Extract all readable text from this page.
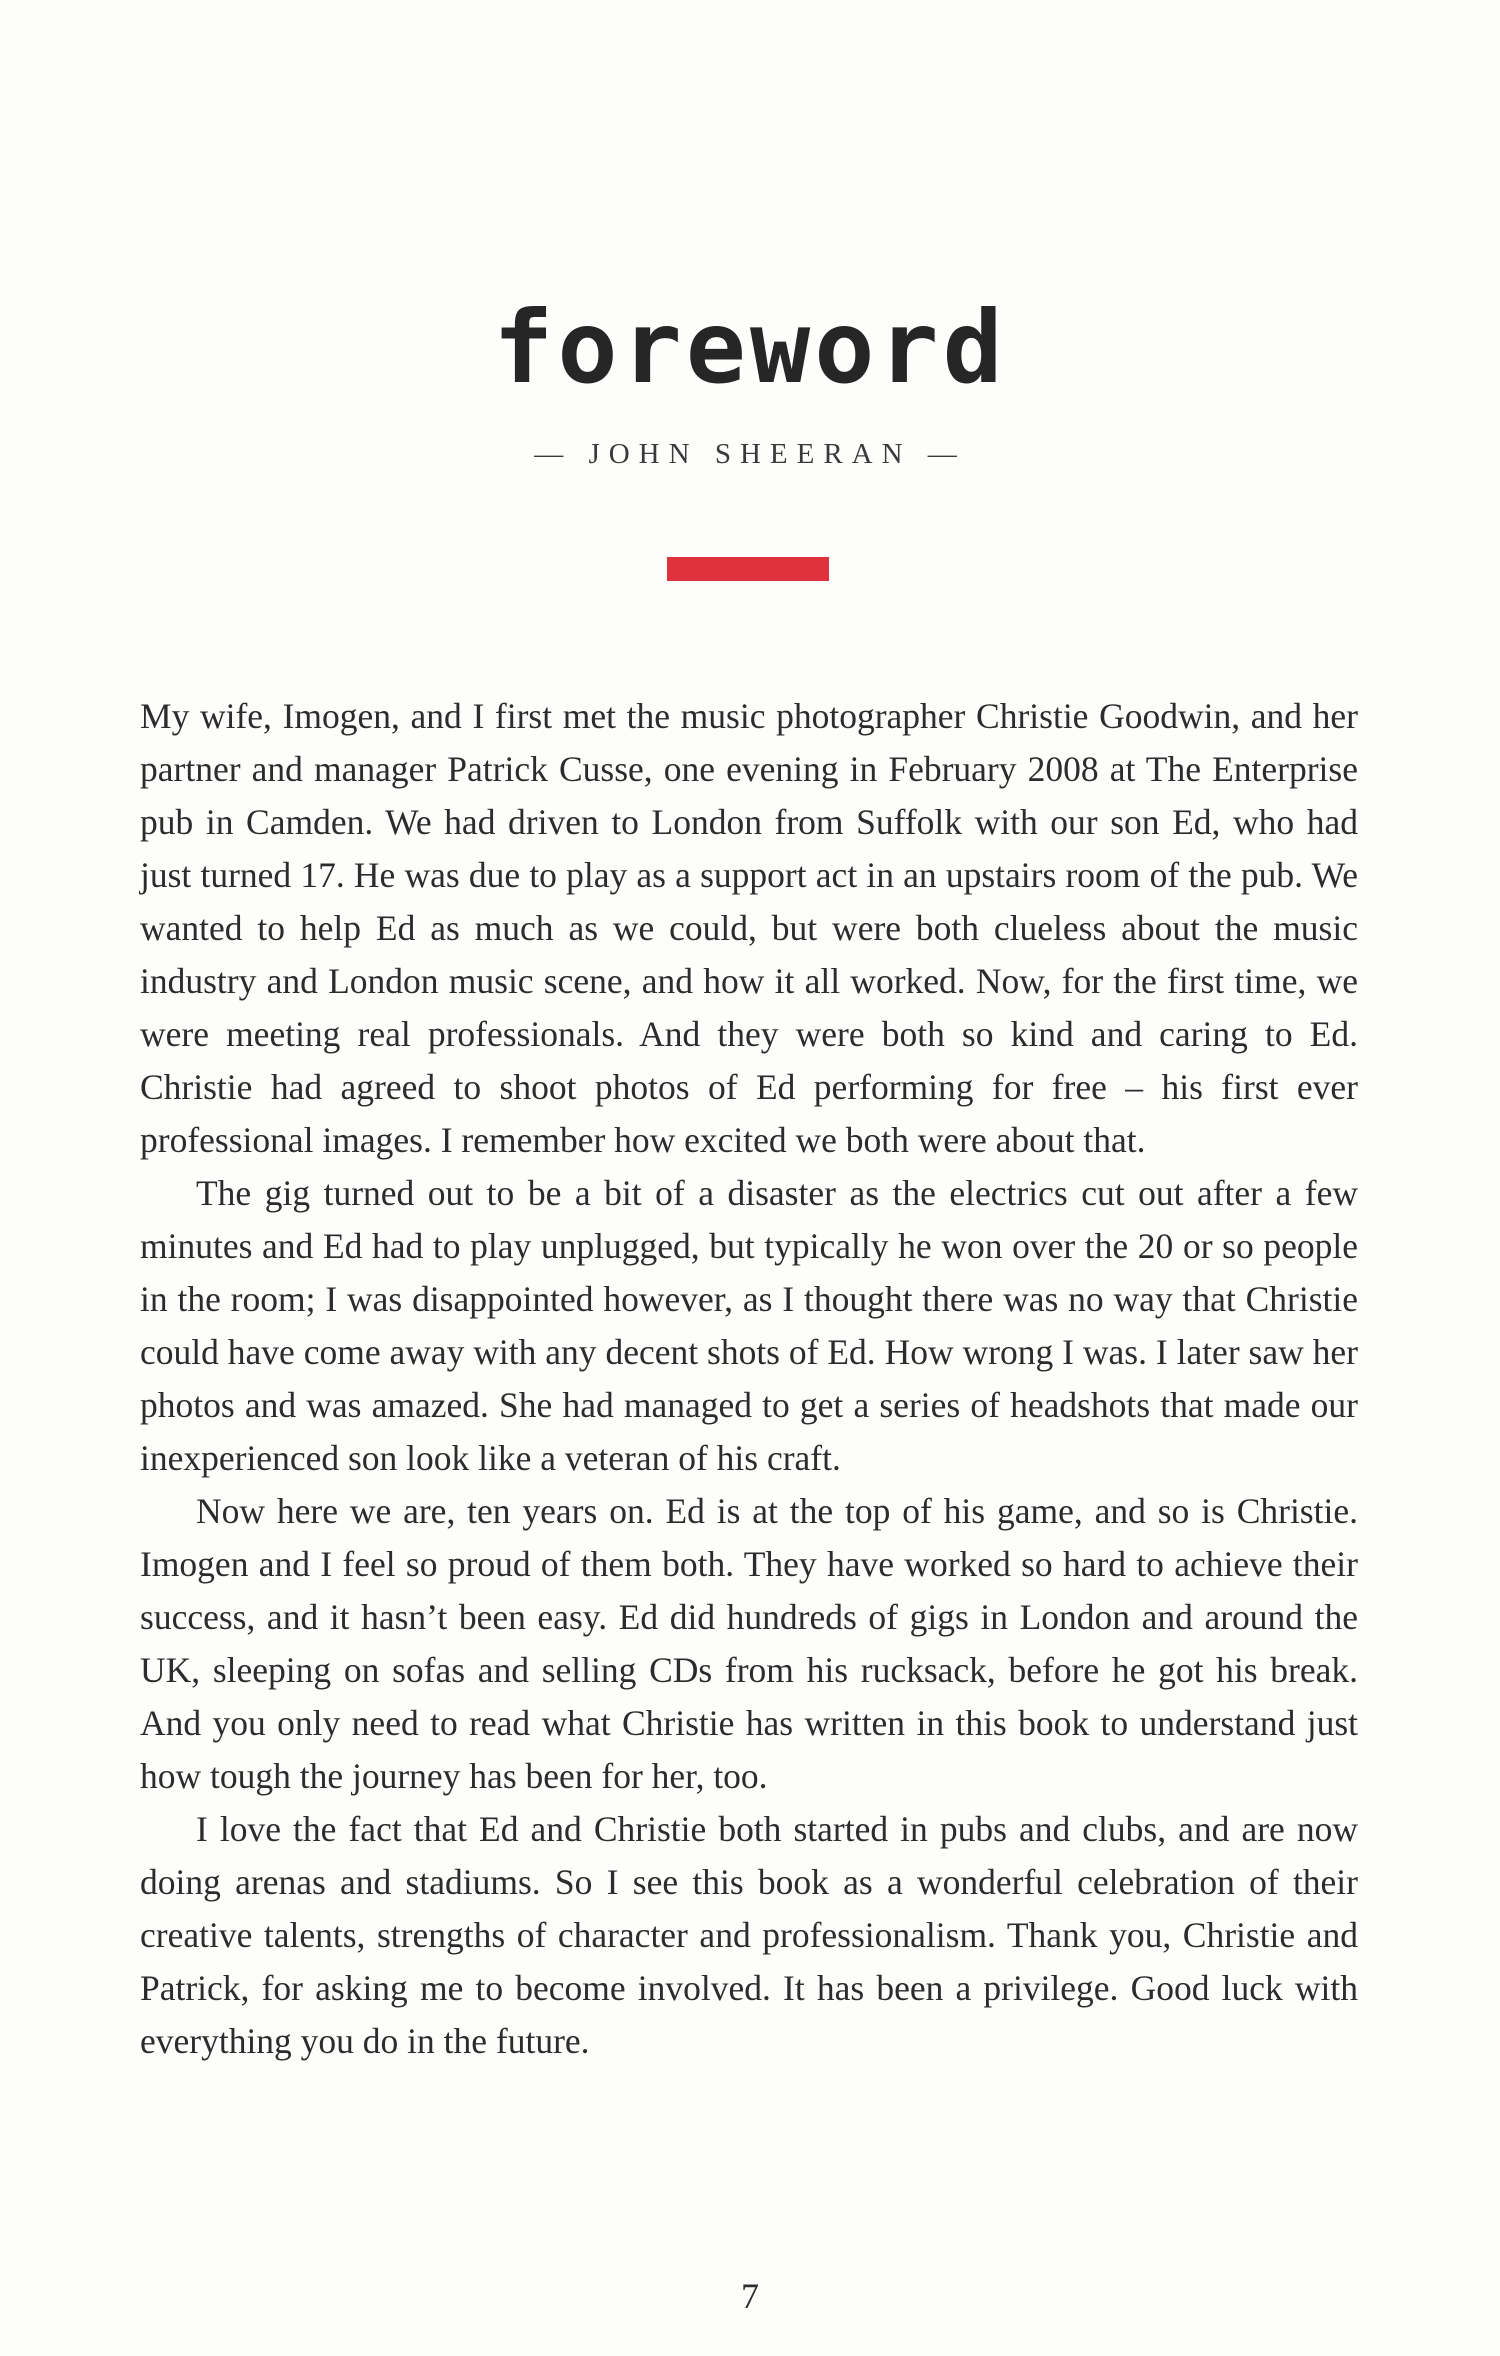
foreword
— JOHN SHEERAN —

My wife, Imogen, and I first met the music photographer Christie Goodwin, and her partner and manager Patrick Cusse, one evening in February 2008 at The Enterprise pub in Camden. We had driven to London from Suffolk with our son Ed, who had just turned 17. He was due to play as a support act in an upstairs room of the pub. We wanted to help Ed as much as we could, but were both clueless about the music industry and London music scene, and how it all worked. Now, for the first time, we were meeting real professionals. And they were both so kind and caring to Ed. Christie had agreed to shoot photos of Ed performing for free – his first ever professional images. I remember how excited we both were about that.

The gig turned out to be a bit of a disaster as the electrics cut out after a few minutes and Ed had to play unplugged, but typically he won over the 20 or so people in the room; I was disappointed however, as I thought there was no way that Christie could have come away with any decent shots of Ed. How wrong I was. I later saw her photos and was amazed. She had managed to get a series of headshots that made our inexperienced son look like a veteran of his craft.

Now here we are, ten years on. Ed is at the top of his game, and so is Christie. Imogen and I feel so proud of them both. They have worked so hard to achieve their success, and it hasn’t been easy. Ed did hundreds of gigs in London and around the UK, sleeping on sofas and selling CDs from his rucksack, before he got his break. And you only need to read what Christie has written in this book to understand just how tough the journey has been for her, too.

I love the fact that Ed and Christie both started in pubs and clubs, and are now doing arenas and stadiums. So I see this book as a wonderful celebration of their creative talents, strengths of character and professionalism. Thank you, Christie and Patrick, for asking me to become involved. It has been a privilege. Good luck with everything you do in the future.

7
